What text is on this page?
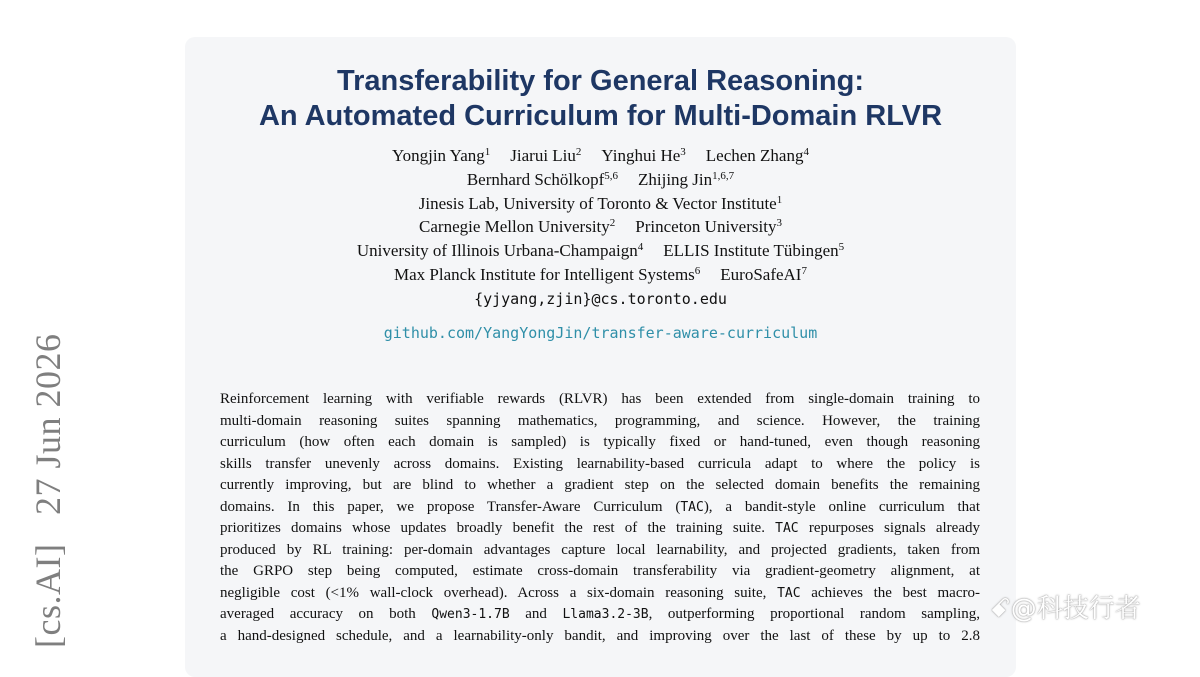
[cs.AI]   27 Jun 2026
Transferability for General Reasoning:
An Automated Curriculum for Multi-Domain RLVR
Yongjin Yang$^1$ Jiarui Liu$^2$ Yinghui He$^3$ Lechen Zhang$^4$
Bernhard Schölkopf$^{5,6}$ Zhijing Jin$^{1,6,7}$
Jinesis Lab, University of Toronto & Vector Institute$^1$
Carnegie Mellon University$^2$ Princeton University$^3$
University of Illinois Urbana-Champaign$^4$ ELLIS Institute Tübingen$^5$
Max Planck Institute for Intelligent Systems$^6$ EuroSafeAI$^7$
{yjyang,zjin}@cs.toronto.edu
github.com/YangYongJin/transfer-aware-curriculum
Reinforcement learning with verifiable rewards (RLVR) has been extended from single-domain training to
multi-domain reasoning suites spanning mathematics, programming, and science. However, the training
curriculum (how often each domain is sampled) is typically fixed or hand-tuned, even though reasoning
skills transfer unevenly across domains. Existing learnability-based curricula adapt to where the policy is
currently improving, but are blind to whether a gradient step on the selected domain benefits the remaining
domains. In this paper, we propose Transfer-Aware Curriculum (TAC), a bandit-style online curriculum that
prioritizes domains whose updates broadly benefit the rest of the training suite. TAC repurposes signals already
produced by RL training: per-domain advantages capture local learnability, and projected gradients, taken from
the GRPO step being computed, estimate cross-domain transferability via gradient-geometry alignment, at
negligible cost (<1% wall-clock overhead). Across a six-domain reasoning suite, TAC achieves the best macro-
averaged accuracy on both Qwen3-1.7B and Llama3.2-3B, outperforming proportional random sampling,
a hand-designed schedule, and a learnability-only bandit, and improving over the last of these by up to 2.8
ꗃ@科技行者
